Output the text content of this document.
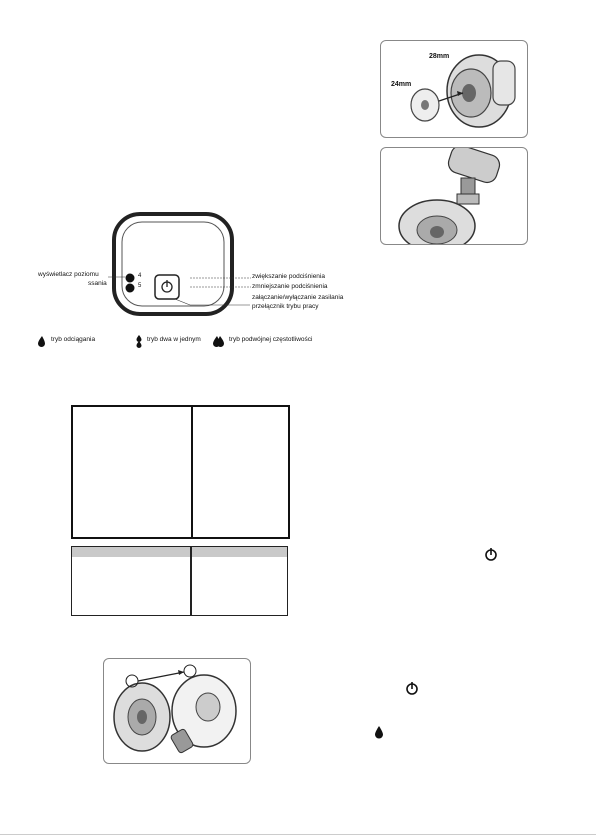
4
5
wyświetlacz poziomu
ssania
zwiększanie podciśnienia
zmniejszanie podciśnienia
załączanie/wyłączanie zasilania
przełącznik trybu pracy
tryb odciągania	tryb dwa w jednym	tryb podwójnej częstotliwości
28mm
24mm
